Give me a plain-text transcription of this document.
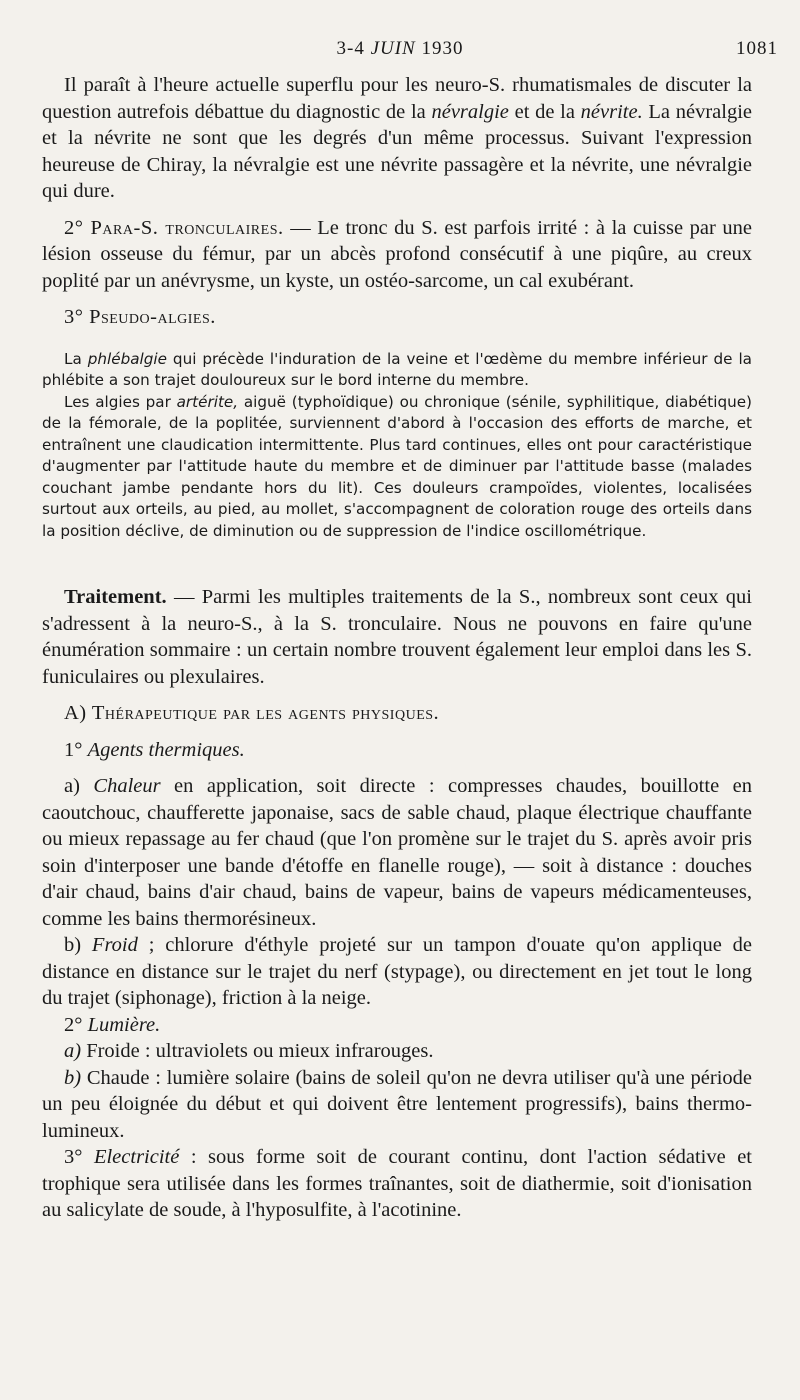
3-4 JUIN 1930	1081

Il paraît à l'heure actuelle superflu pour les neuro-S. rhumatismales de discuter la question autrefois débattue du diagnostic de la névralgie et de la névrite. La névralgie et la névrite ne sont que les degrés d'un même processus. Suivant l'expression heureuse de Chiray, la névralgie est une névrite passagère et la névrite, une névralgie qui dure.

2° Para-S. tronculaires. — Le tronc du S. est parfois irrité : à la cuisse par une lésion osseuse du fémur, par un abcès profond consécutif à une piqûre, au creux poplité par un anévrysme, un kyste, un ostéo-sarcome, un cal exubérant.

3° Pseudo-algies.

La phlébalgie qui précède l'induration de la veine et l'œdème du membre inférieur de la phlébite a son trajet douloureux sur le bord interne du membre.

Les algies par artérite, aiguë (typhoïdique) ou chronique (sénile, syphilitique, diabétique) de la fémorale, de la poplitée, surviennent d'abord à l'occasion des efforts de marche, et entraînent une claudication intermittente. Plus tard continues, elles ont pour caractéristique d'augmenter par l'attitude haute du membre et de diminuer par l'attitude basse (malades couchant jambe pendante hors du lit). Ces douleurs crampoïdes, violentes, localisées surtout aux orteils, au pied, au mollet, s'accompagnent de coloration rouge des orteils dans la position déclive, de diminution ou de suppression de l'indice oscillométrique.

Traitement. — Parmi les multiples traitements de la S., nombreux sont ceux qui s'adressent à la neuro-S., à la S. tronculaire. Nous ne pouvons en faire qu'une énumération sommaire : un certain nombre trouvent également leur emploi dans les S. funiculaires ou plexulaires.

A) Thérapeutique par les agents physiques.

1° Agents thermiques.

a) Chaleur en application, soit directe : compresses chaudes, bouillotte en caoutchouc, chaufferette japonaise, sacs de sable chaud, plaque électrique chauffante ou mieux repassage au fer chaud (que l'on promène sur le trajet du S. après avoir pris soin d'interposer une bande d'étoffe en flanelle rouge), — soit à distance : douches d'air chaud, bains d'air chaud, bains de vapeur, bains de vapeurs médicamenteuses, comme les bains thermorésineux.

b) Froid ; chlorure d'éthyle projeté sur un tampon d'ouate qu'on applique de distance en distance sur le trajet du nerf (stypage), ou directement en jet tout le long du trajet (siphonage), friction à la neige.

2° Lumière.

a) Froide : ultraviolets ou mieux infrarouges.

b) Chaude : lumière solaire (bains de soleil qu'on ne devra utiliser qu'à une période un peu éloignée du début et qui doivent être lentement progressifs), bains thermo-lumineux.

3° Electricité : sous forme soit de courant continu, dont l'action sédative et trophique sera utilisée dans les formes traînantes, soit de diathermie, soit d'ionisation au salicylate de soude, à l'hyposulfite, à l'acotinine.
